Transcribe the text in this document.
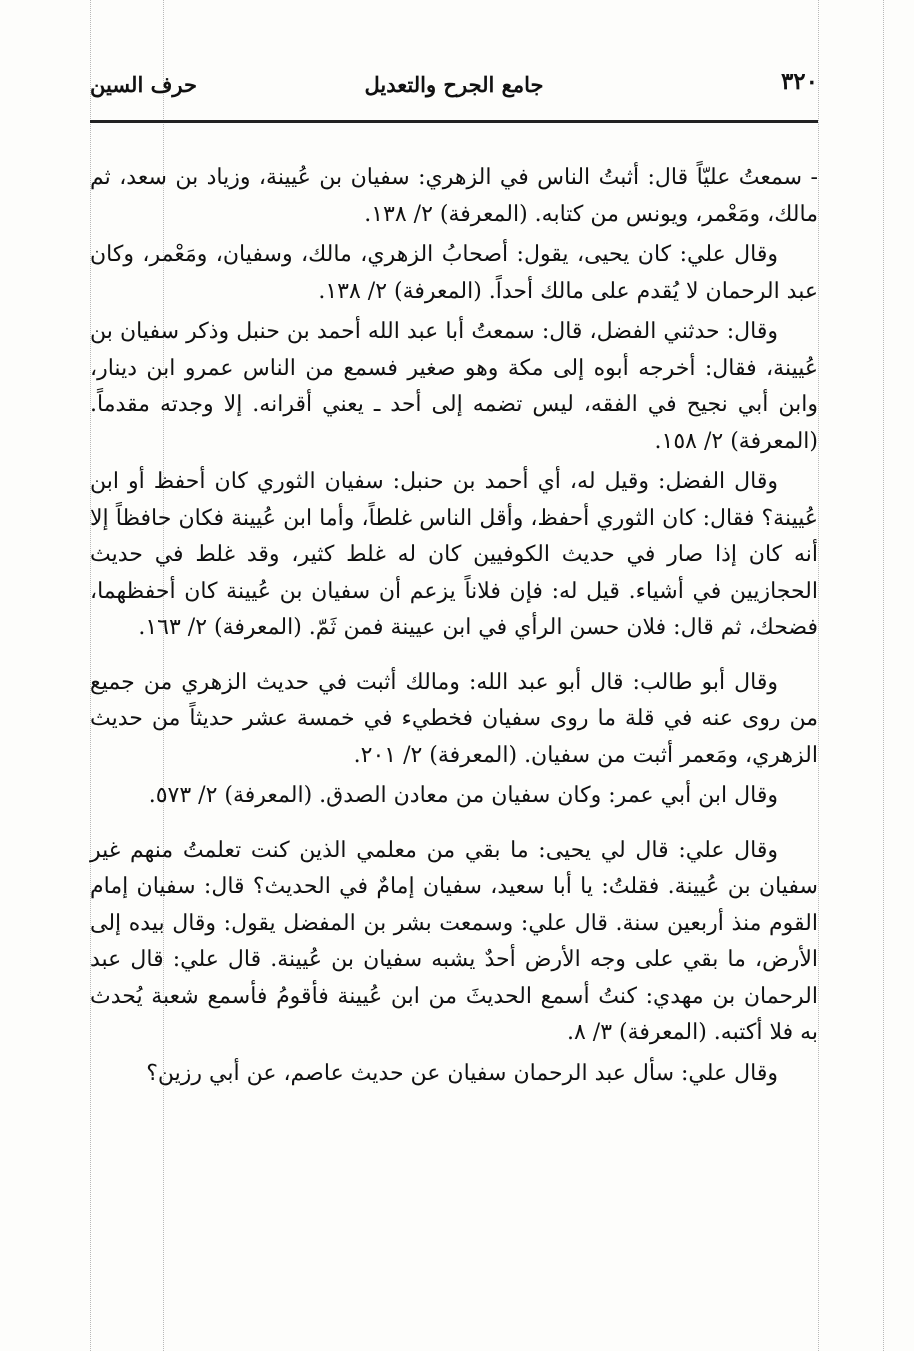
٣٢٠
جامع الجرح والتعديل
حرف السين

- سمعتُ عليّاً قال: أثبتُ الناس في الزهري: سفيان بن عُيينة، وزياد بن سعد، ثم مالك، ومَعْمر، ويونس من كتابه. (المعرفة) ٢/ ١٣٨.

وقال علي: كان يحيى، يقول: أصحابُ الزهري، مالك، وسفيان، ومَعْمر، وكان عبد الرحمان لا يُقدم على مالك أحداً. (المعرفة) ٢/ ١٣٨.

وقال: حدثني الفضل، قال: سمعتُ أبا عبد الله أحمد بن حنبل وذكر سفيان بن عُيينة، فقال: أخرجه أبوه إلى مكة وهو صغير فسمع من الناس عمرو ابن دينار، وابن أبي نجيح في الفقه، ليس تضمه إلى أحد ـ يعني أقرانه. إلا وجدته مقدماً. (المعرفة) ٢/ ١٥٨.

وقال الفضل: وقيل له، أي أحمد بن حنبل: سفيان الثوري كان أحفظ أو ابن عُيينة؟ فقال: كان الثوري أحفظ، وأقل الناس غلطاً، وأما ابن عُيينة فكان حافظاً إلا أنه كان إذا صار في حديث الكوفيين كان له غلط كثير، وقد غلط في حديث الحجازيين في أشياء. قيل له: فإن فلاناً يزعم أن سفيان بن عُيينة كان أحفظهما، فضحك، ثم قال: فلان حسن الرأي في ابن عيينة فمن ثَمّ. (المعرفة) ٢/ ١٦٣.

وقال أبو طالب: قال أبو عبد الله: ومالك أثبت في حديث الزهري من جميع من روى عنه في قلة ما روى سفيان فخطيء في خمسة عشر حديثاً من حديث الزهري، ومَعمر أثبت من سفيان. (المعرفة) ٢/ ٢٠١.

وقال ابن أبي عمر: وكان سفيان من معادن الصدق. (المعرفة) ٢/ ٥٧٣.

وقال علي: قال لي يحيى: ما بقي من معلمي الذين كنت تعلمتُ منهم غير سفيان بن عُيينة. فقلتُ: يا أبا سعيد، سفيان إمامٌ في الحديث؟ قال: سفيان إمام القوم منذ أربعين سنة. قال علي: وسمعت بشر بن المفضل يقول: وقال بيده إلى الأرض، ما بقي على وجه الأرض أحدٌ يشبه سفيان بن عُيينة. قال علي: قال عبد الرحمان بن مهدي: كنتُ أسمع الحديثَ من ابن عُيينة فأقومُ فأسمع شعبة يُحدث به فلا أكتبه. (المعرفة) ٣/ ٨.

وقال علي: سأل عبد الرحمان سفيان عن حديث عاصم، عن أبي رزين؟
